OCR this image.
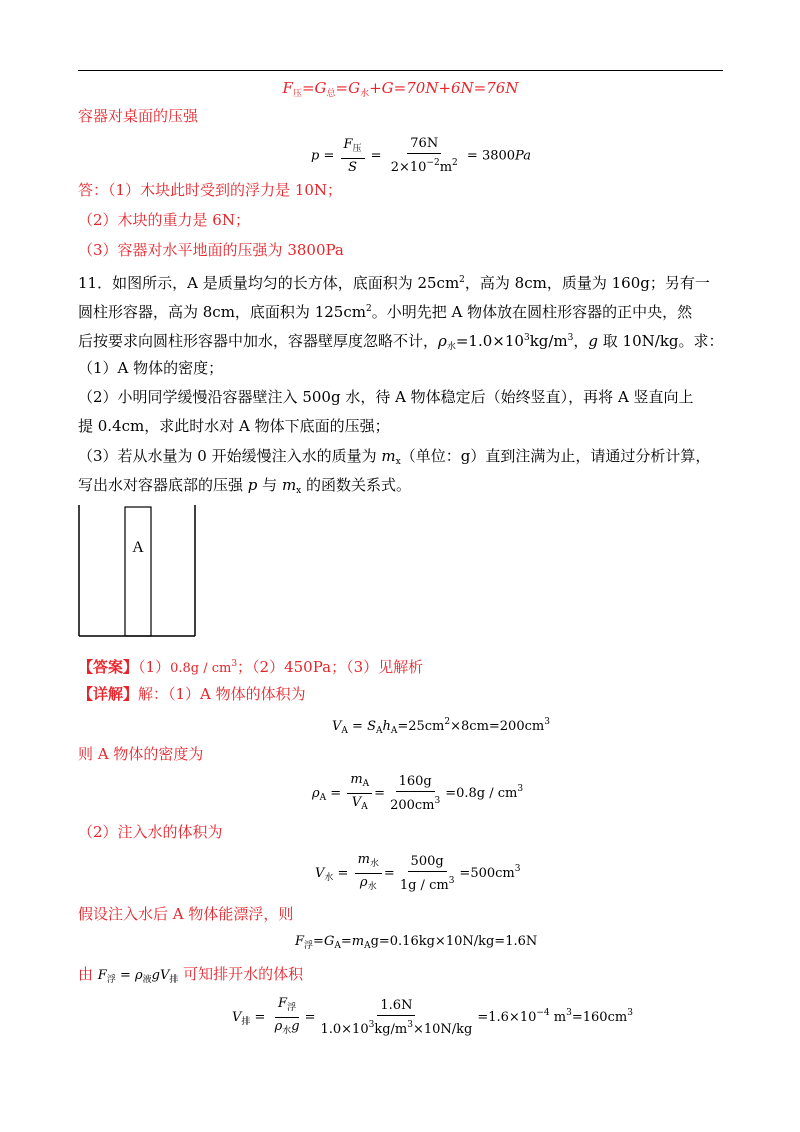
$F_压=G_总=G_水+G=70N+6N=76N$
容器对桌面的压强
$p = \frac{F_压}{S} = \frac{76N}{2\times 10^{-2}m^2} = 3800Pa$
答：（1）木块此时受到的浮力是 10N；
（2）木块的重力是 6N；
（3）容器对水平地面的压强为 3800Pa
11．如图所示，A 是质量均匀的长方体，底面积为 $25cm^2$，高为 8cm，质量为 160g；另有一
圆柱形容器，高为 8cm，底面积为 $125cm^2$。小明先把 A 物体放在圆柱形容器的正中央，然
后按要求向圆柱形容器中加水，容器壁厚度忽略不计，$\rho_水=1.0\times 10^3kg/m^3$，g 取 10N/kg。求：
（1）A 物体的密度；
（2）小明同学缓慢沿容器壁注入 500g 水，待 A 物体稳定后（始终竖直），再将 A 竖直向上
提 0.4cm，求此时水对 A 物体下底面的压强；
（3）若从水量为 0 开始缓慢注入水的质量为 $m_x$（单位：g）直到注满为止，请通过分析计算，
写出水对容器底部的压强 p 与 $m_x$ 的函数关系式。
A
【答案】$(1)0.8g / cm^3$；（2）450Pa；（3）见解析
【详解】解：（1）A 物体的体积为
$V_A = S_Ah_A=25cm^2\times 8cm=200cm^3$
则 A 物体的密度为
$\rho_A = \frac{m_A}{V_A} = \frac{160g}{200cm^3} =0.8g / cm^3$
（2）注入水的体积为
$V_水 = \frac{m_水}{\rho_水} = \frac{500g}{1g / cm^3} =500cm^3$
假设注入水后 A 物体能漂浮，则
$F_浮=G_A=m_Ag=0.16kg\times 10N/kg=1.6N$
由 $F_浮 = \rho_液gV_排$ 可知排开水的体积
$V_排 = \frac{F_浮}{\rho_水g} = \frac{1.6N}{1.0\times 10^3kg/m^3\times 10N/kg} =1.6\times 10^{-4}$ $m^3=160cm^3$
